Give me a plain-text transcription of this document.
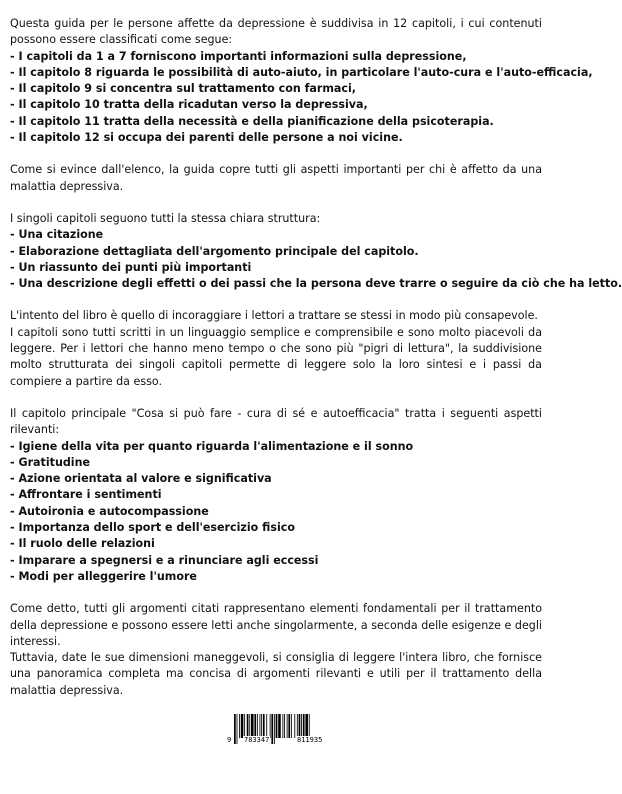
Questa guida per le persone affette da depressione è suddivisa in 12 capitoli, i cui contenuti possono essere classificati come segue:

- I capitoli da 1 a 7 forniscono importanti informazioni sulla depressione,
- Il capitolo 8 riguarda le possibilità di auto-aiuto, in particolare l'auto-cura e l'auto-efficacia,
- Il capitolo 9 si concentra sul trattamento con farmaci,
- Il capitolo 10 tratta della ricadutan verso la depressiva,
- Il capitolo 11 tratta della necessità e della pianificazione della psicoterapia.
- Il capitolo 12 si occupa dei parenti delle persone a noi vicine.

Come si evince dall'elenco, la guida copre tutti gli aspetti importanti per chi è affetto da una malattia depressiva.

I singoli capitoli seguono tutti la stessa chiara struttura:

- Una citazione
- Elaborazione dettagliata dell'argomento principale del capitolo.
- Un riassunto dei punti più importanti
- Una descrizione degli effetti o dei passi che la persona deve trarre o seguire da ciò che ha letto.

L'intento del libro è quello di incoraggiare i lettori a trattare se stessi in modo più consapevole.

I capitoli sono tutti scritti in un linguaggio semplice e comprensibile e sono molto piacevoli da leggere. Per i lettori che hanno meno tempo o che sono più "pigri di lettura", la suddivisione molto strutturata dei singoli capitoli permette di leggere solo la loro sintesi e i passi da compiere a partire da esso.

Il capitolo principale "Cosa si può fare - cura di sé e autoefficacia" tratta i seguenti aspetti rilevanti:

- Igiene della vita per quanto riguarda l'alimentazione e il sonno
- Gratitudine
- Azione orientata al valore e significativa
- Affrontare i sentimenti
- Autoironia e autocompassione
- Importanza dello sport e dell'esercizio fisico
- Il ruolo delle relazioni
- Imparare a spegnersi e a rinunciare agli eccessi
- Modi per alleggerire l'umore

Come detto, tutti gli argomenti citati rappresentano elementi fondamentali per il trattamento della depressione e possono essere letti anche singolarmente, a seconda delle esigenze e degli interessi.

Tuttavia, date le sue dimensioni maneggevoli, si consiglia di leggere l'intera libro, che fornisce una panoramica completa ma concisa di argomenti rilevanti e utili per il trattamento della malattia depressiva.

9 783347	811935
